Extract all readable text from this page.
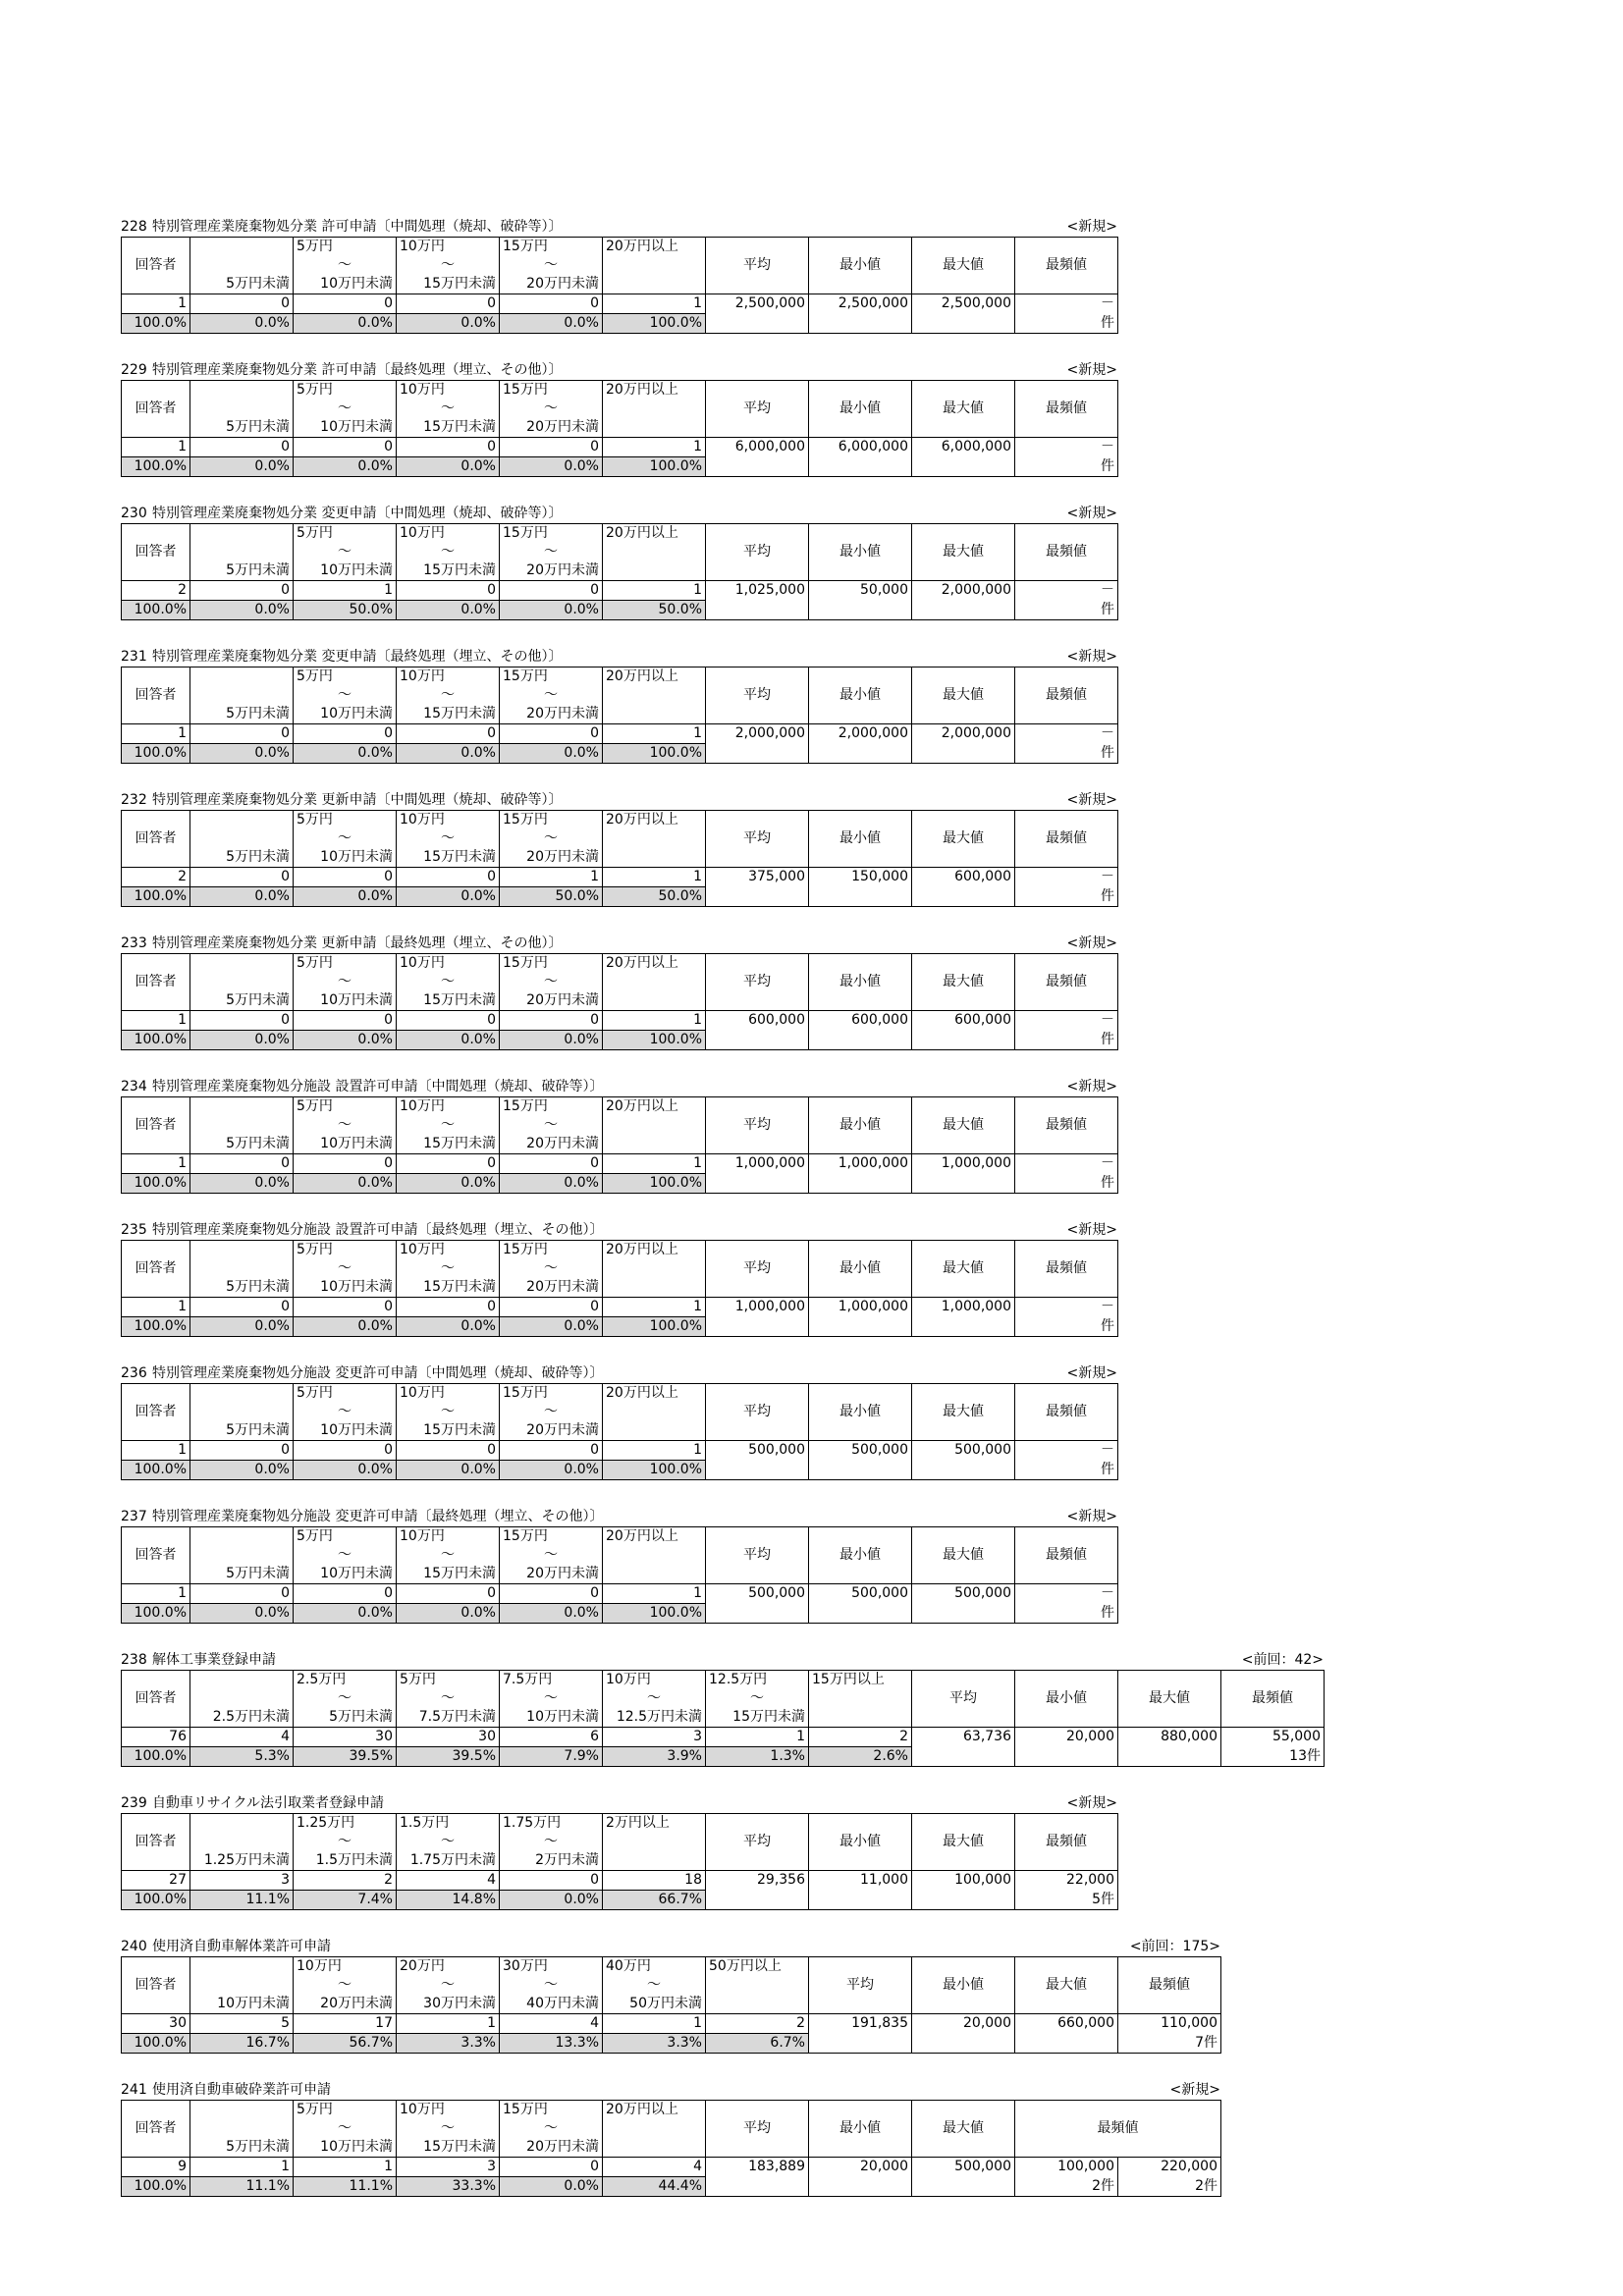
228 特別管理産業廃棄物処分業 許可申請〔中間処理（焼却、破砕等）〕	<新規>
回答者		5万円	10万円	15万円	20万円以上	平均	最小値	最大値	最頻値
		～	～	～					
	5万円未満	10万円未満	15万円未満	20万円未満					
1	0	0	0	0	1	2,500,000	2,500,000	2,500,000	－
100.0%	0.0%	0.0%	0.0%	0.0%	100.0%				件
229 特別管理産業廃棄物処分業 許可申請〔最終処理（埋立、その他）〕	<新規>
回答者		5万円	10万円	15万円	20万円以上	平均	最小値	最大値	最頻値
		～	～	～					
	5万円未満	10万円未満	15万円未満	20万円未満					
1	0	0	0	0	1	6,000,000	6,000,000	6,000,000	－
100.0%	0.0%	0.0%	0.0%	0.0%	100.0%				件
230 特別管理産業廃棄物処分業 変更申請〔中間処理（焼却、破砕等）〕	<新規>
回答者		5万円	10万円	15万円	20万円以上	平均	最小値	最大値	最頻値
		～	～	～					
	5万円未満	10万円未満	15万円未満	20万円未満					
2	0	1	0	0	1	1,025,000	50,000	2,000,000	－
100.0%	0.0%	50.0%	0.0%	0.0%	50.0%				件
231 特別管理産業廃棄物処分業 変更申請〔最終処理（埋立、その他）〕	<新規>
回答者		5万円	10万円	15万円	20万円以上	平均	最小値	最大値	最頻値
		～	～	～					
	5万円未満	10万円未満	15万円未満	20万円未満					
1	0	0	0	0	1	2,000,000	2,000,000	2,000,000	－
100.0%	0.0%	0.0%	0.0%	0.0%	100.0%				件
232 特別管理産業廃棄物処分業 更新申請〔中間処理（焼却、破砕等）〕	<新規>
回答者		5万円	10万円	15万円	20万円以上	平均	最小値	最大値	最頻値
		～	～	～					
	5万円未満	10万円未満	15万円未満	20万円未満					
2	0	0	0	1	1	375,000	150,000	600,000	－
100.0%	0.0%	0.0%	0.0%	50.0%	50.0%				件
233 特別管理産業廃棄物処分業 更新申請〔最終処理（埋立、その他）〕	<新規>
回答者		5万円	10万円	15万円	20万円以上	平均	最小値	最大値	最頻値
		～	～	～					
	5万円未満	10万円未満	15万円未満	20万円未満					
1	0	0	0	0	1	600,000	600,000	600,000	－
100.0%	0.0%	0.0%	0.0%	0.0%	100.0%				件
234 特別管理産業廃棄物処分施設 設置許可申請〔中間処理（焼却、破砕等）〕	<新規>
回答者		5万円	10万円	15万円	20万円以上	平均	最小値	最大値	最頻値
		～	～	～					
	5万円未満	10万円未満	15万円未満	20万円未満					
1	0	0	0	0	1	1,000,000	1,000,000	1,000,000	－
100.0%	0.0%	0.0%	0.0%	0.0%	100.0%				件
235 特別管理産業廃棄物処分施設 設置許可申請〔最終処理（埋立、その他）〕	<新規>
回答者		5万円	10万円	15万円	20万円以上	平均	最小値	最大値	最頻値
		～	～	～					
	5万円未満	10万円未満	15万円未満	20万円未満					
1	0	0	0	0	1	1,000,000	1,000,000	1,000,000	－
100.0%	0.0%	0.0%	0.0%	0.0%	100.0%				件
236 特別管理産業廃棄物処分施設 変更許可申請〔中間処理（焼却、破砕等）〕	<新規>
回答者		5万円	10万円	15万円	20万円以上	平均	最小値	最大値	最頻値
		～	～	～					
	5万円未満	10万円未満	15万円未満	20万円未満					
1	0	0	0	0	1	500,000	500,000	500,000	－
100.0%	0.0%	0.0%	0.0%	0.0%	100.0%				件
237 特別管理産業廃棄物処分施設 変更許可申請〔最終処理（埋立、その他）〕	<新規>
回答者		5万円	10万円	15万円	20万円以上	平均	最小値	最大値	最頻値
		～	～	～					
	5万円未満	10万円未満	15万円未満	20万円未満					
1	0	0	0	0	1	500,000	500,000	500,000	－
100.0%	0.0%	0.0%	0.0%	0.0%	100.0%				件
238 解体工事業登録申請	<前回：42>
回答者		2.5万円	5万円	7.5万円	10万円	12.5万円	15万円以上	平均	最小値	最大値	最頻値
		～	～	～	～	～					
	2.5万円未満	5万円未満	7.5万円未満	10万円未満	12.5万円未満	15万円未満					
76	4	30	30	6	3	1	2	63,736	20,000	880,000	55,000
100.0%	5.3%	39.5%	39.5%	7.9%	3.9%	1.3%	2.6%				13件
239 自動車リサイクル法引取業者登録申請	<新規>
回答者		1.25万円	1.5万円	1.75万円	2万円以上	平均	最小値	最大値	最頻値
		～	～	～					
	1.25万円未満	1.5万円未満	1.75万円未満	2万円未満					
27	3	2	4	0	18	29,356	11,000	100,000	22,000
100.0%	11.1%	7.4%	14.8%	0.0%	66.7%				5件
240 使用済自動車解体業許可申請	<前回：175>
回答者		10万円	20万円	30万円	40万円	50万円以上	平均	最小値	最大値	最頻値
		～	～	～	～					
	10万円未満	20万円未満	30万円未満	40万円未満	50万円未満					
30	5	17	1	4	1	2	191,835	20,000	660,000	110,000
100.0%	16.7%	56.7%	3.3%	13.3%	3.3%	6.7%				7件
241 使用済自動車破砕業許可申請	<新規>
回答者		5万円	10万円	15万円	20万円以上	平均	最小値	最大値	最頻値	
		～	～	～						
	5万円未満	10万円未満	15万円未満	20万円未満						
9	1	1	3	0	4	183,889	20,000	500,000	100,000	220,000
100.0%	11.1%	11.1%	33.3%	0.0%	44.4%				2件	2件
